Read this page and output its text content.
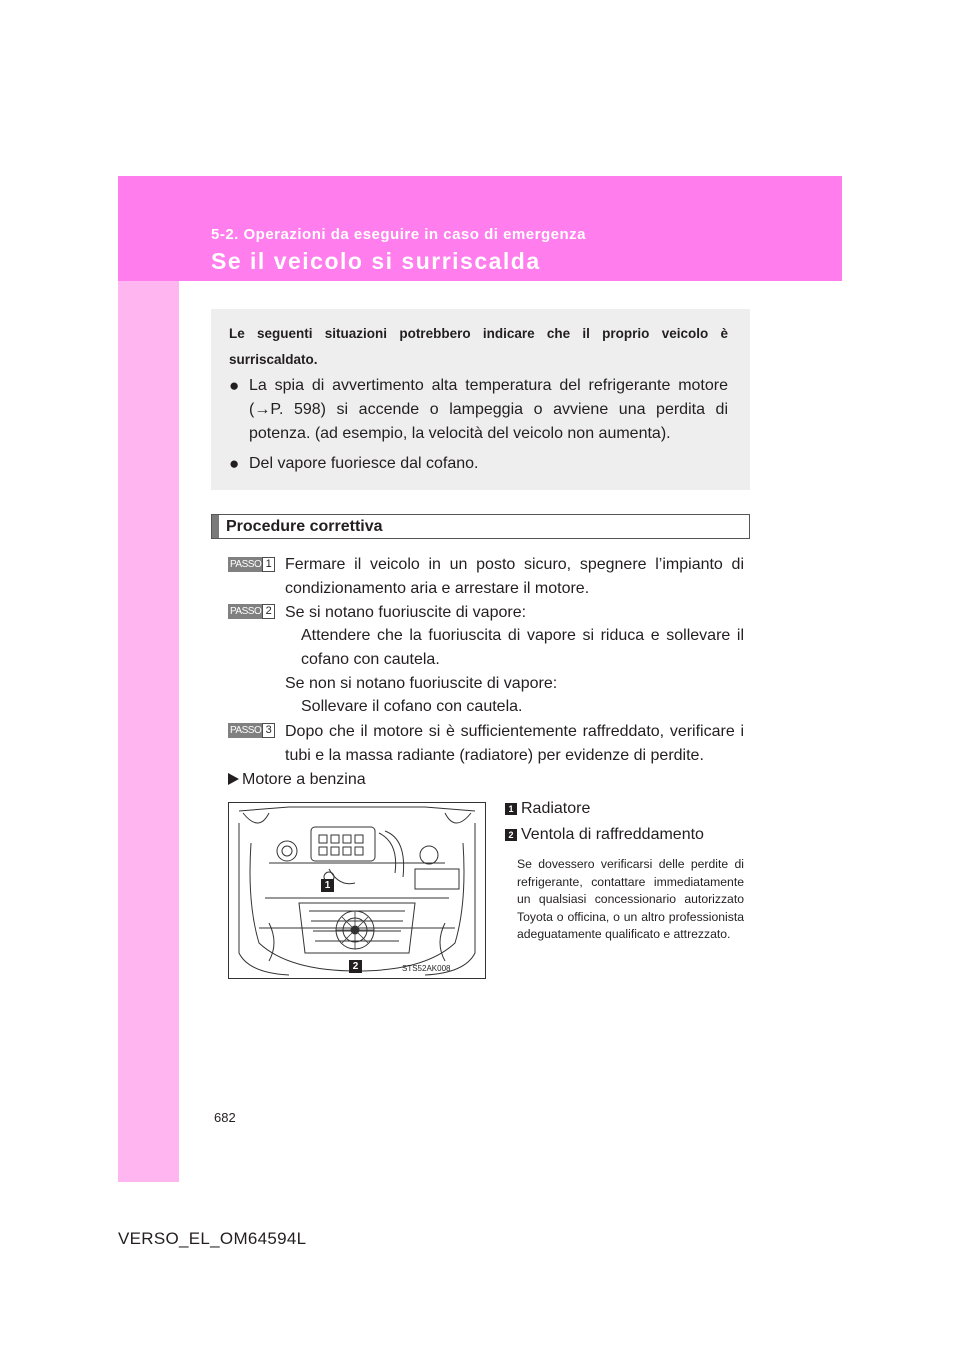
5-2. Operazioni da eseguire in caso di emergenza
Se il veicolo si surriscalda
Le seguenti situazioni potrebbero indicare che il proprio veicolo è surriscaldato.
● La spia di avvertimento alta temperatura del refrigerante motore (→P. 598) si accende o lampeggia o avviene una perdita di potenza. (ad esempio, la velocità del veicolo non aumenta).
● Del vapore fuoriesce dal cofano.
Procedure correttiva
PASSO 1 Fermare il veicolo in un posto sicuro, spegnere l’impianto di condizionamento aria e arrestare il motore.
PASSO 2 Se si notano fuoriuscite di vapore:
Attendere che la fuoriuscita di vapore si riduca e sollevare il cofano con cautela.
Se non si notano fuoriuscite di vapore:
Sollevare il cofano con cautela.
PASSO 3 Dopo che il motore si è sufficientemente raffreddato, verificare i tubi e la massa radiante (radiatore) per evidenze di perdite.
Motore a benzina
1
2	STS52AK008
1 Radiatore
2 Ventola di raffreddamento
Se dovessero verificarsi delle perdite di refrigerante, contattare immediatamente un qualsiasi concessionario autorizzato Toyota o officina, o un altro professionista adeguatamente qualificato e attrezzato.
682
VERSO_EL_OM64594L
